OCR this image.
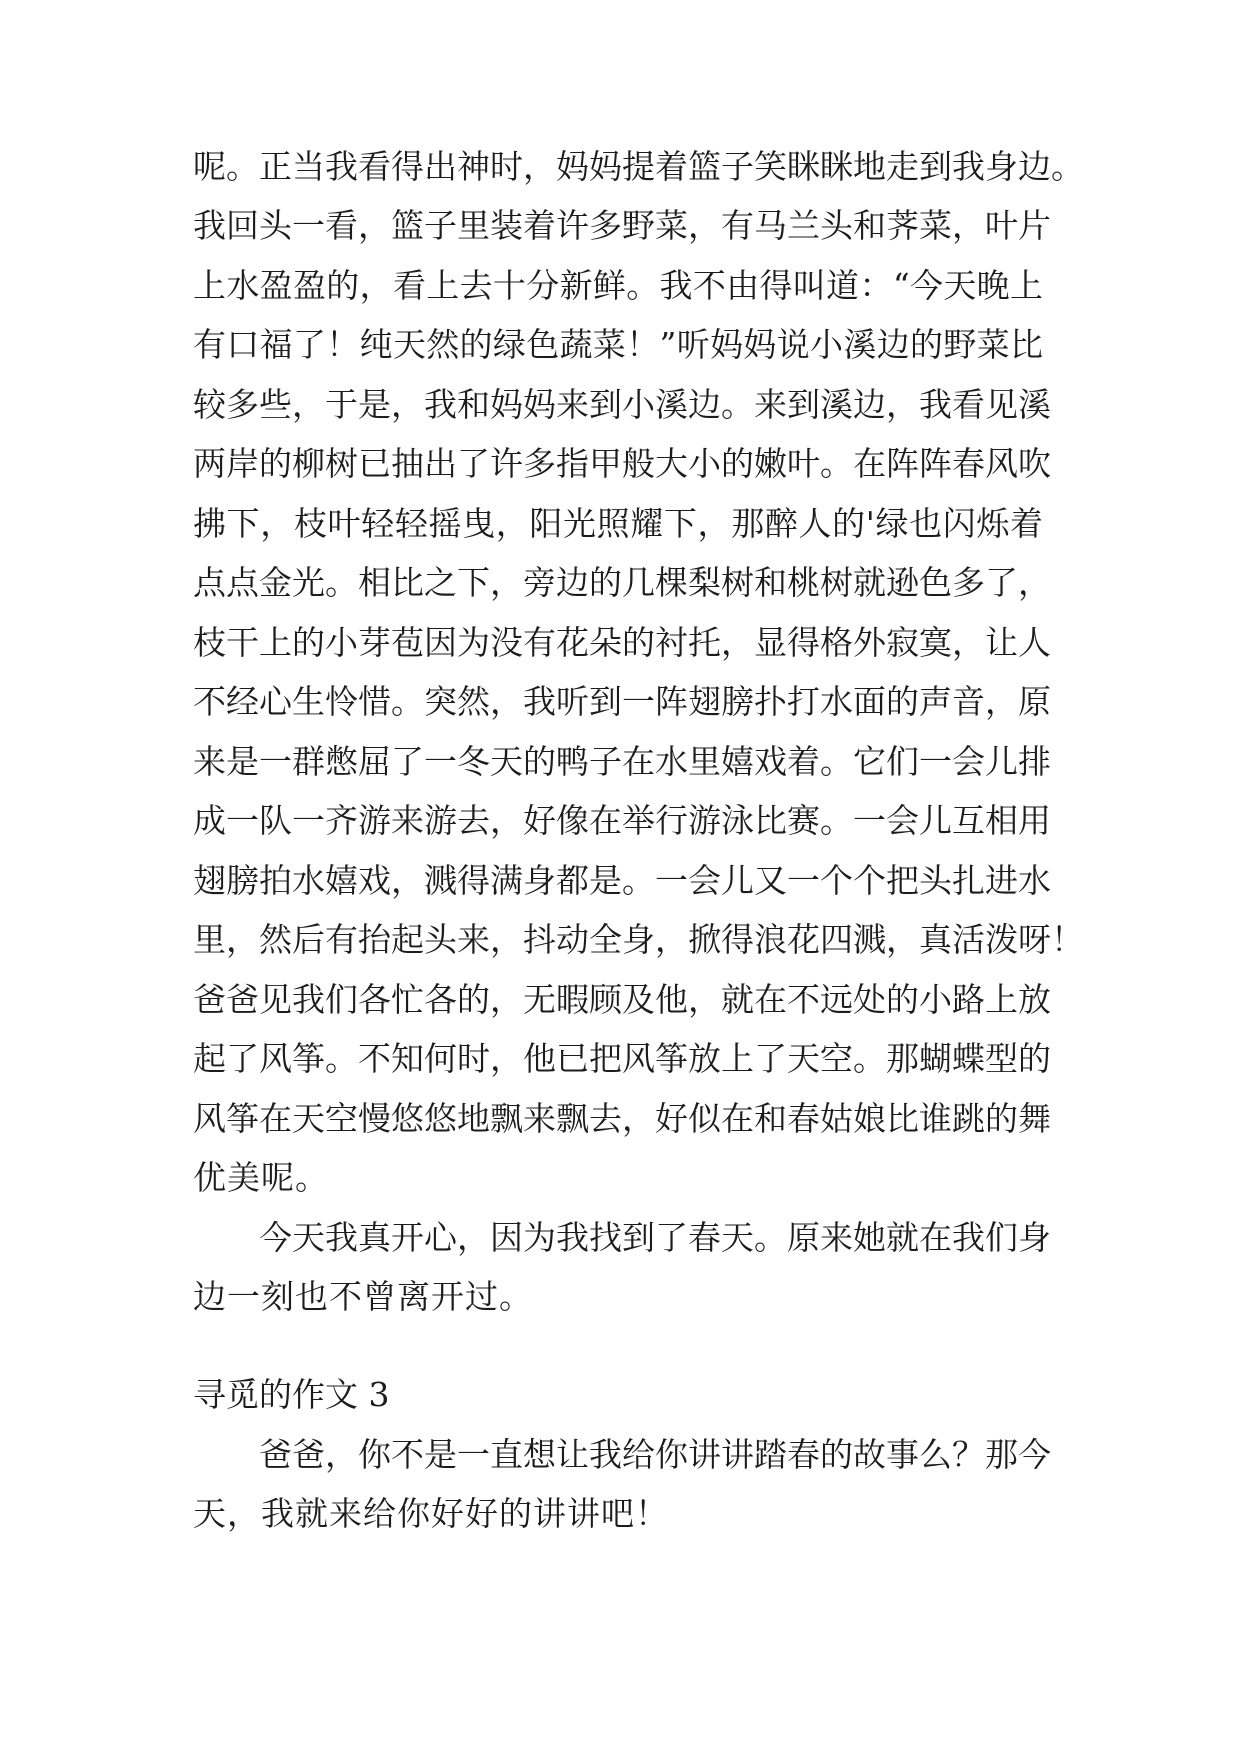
呢。正当我看得出神时，妈妈提着篮子笑眯眯地走到我身边。

我回头一看，篮子里装着许多野菜，有马兰头和荠菜，叶片

上水盈盈的，看上去十分新鲜。我不由得叫道：“今天晚上

有口福了！纯天然的绿色蔬菜！”听妈妈说小溪边的野菜比

较多些，于是，我和妈妈来到小溪边。来到溪边，我看见溪

两岸的柳树已抽出了许多指甲般大小的嫩叶。在阵阵春风吹

拂下，枝叶轻轻摇曳，阳光照耀下，那醉人的'绿也闪烁着

点点金光。相比之下，旁边的几棵梨树和桃树就逊色多了，

枝干上的小芽苞因为没有花朵的衬托，显得格外寂寞，让人

不经心生怜惜。突然，我听到一阵翅膀扑打水面的声音，原

来是一群憋屈了一冬天的鸭子在水里嬉戏着。它们一会儿排

成一队一齐游来游去，好像在举行游泳比赛。一会儿互相用

翅膀拍水嬉戏，溅得满身都是。一会儿又一个个把头扎进水

里，然后有抬起头来，抖动全身，掀得浪花四溅，真活泼呀！

爸爸见我们各忙各的，无暇顾及他，就在不远处的小路上放

起了风筝。不知何时，他已把风筝放上了天空。那蝴蝶型的

风筝在天空慢悠悠地飘来飘去，好似在和春姑娘比谁跳的舞

优美呢。

今天我真开心，因为我找到了春天。原来她就在我们身

边一刻也不曾离开过。

寻觅的作文 3

爸爸，你不是一直想让我给你讲讲踏春的故事么？那今

天，我就来给你好好的讲讲吧！
